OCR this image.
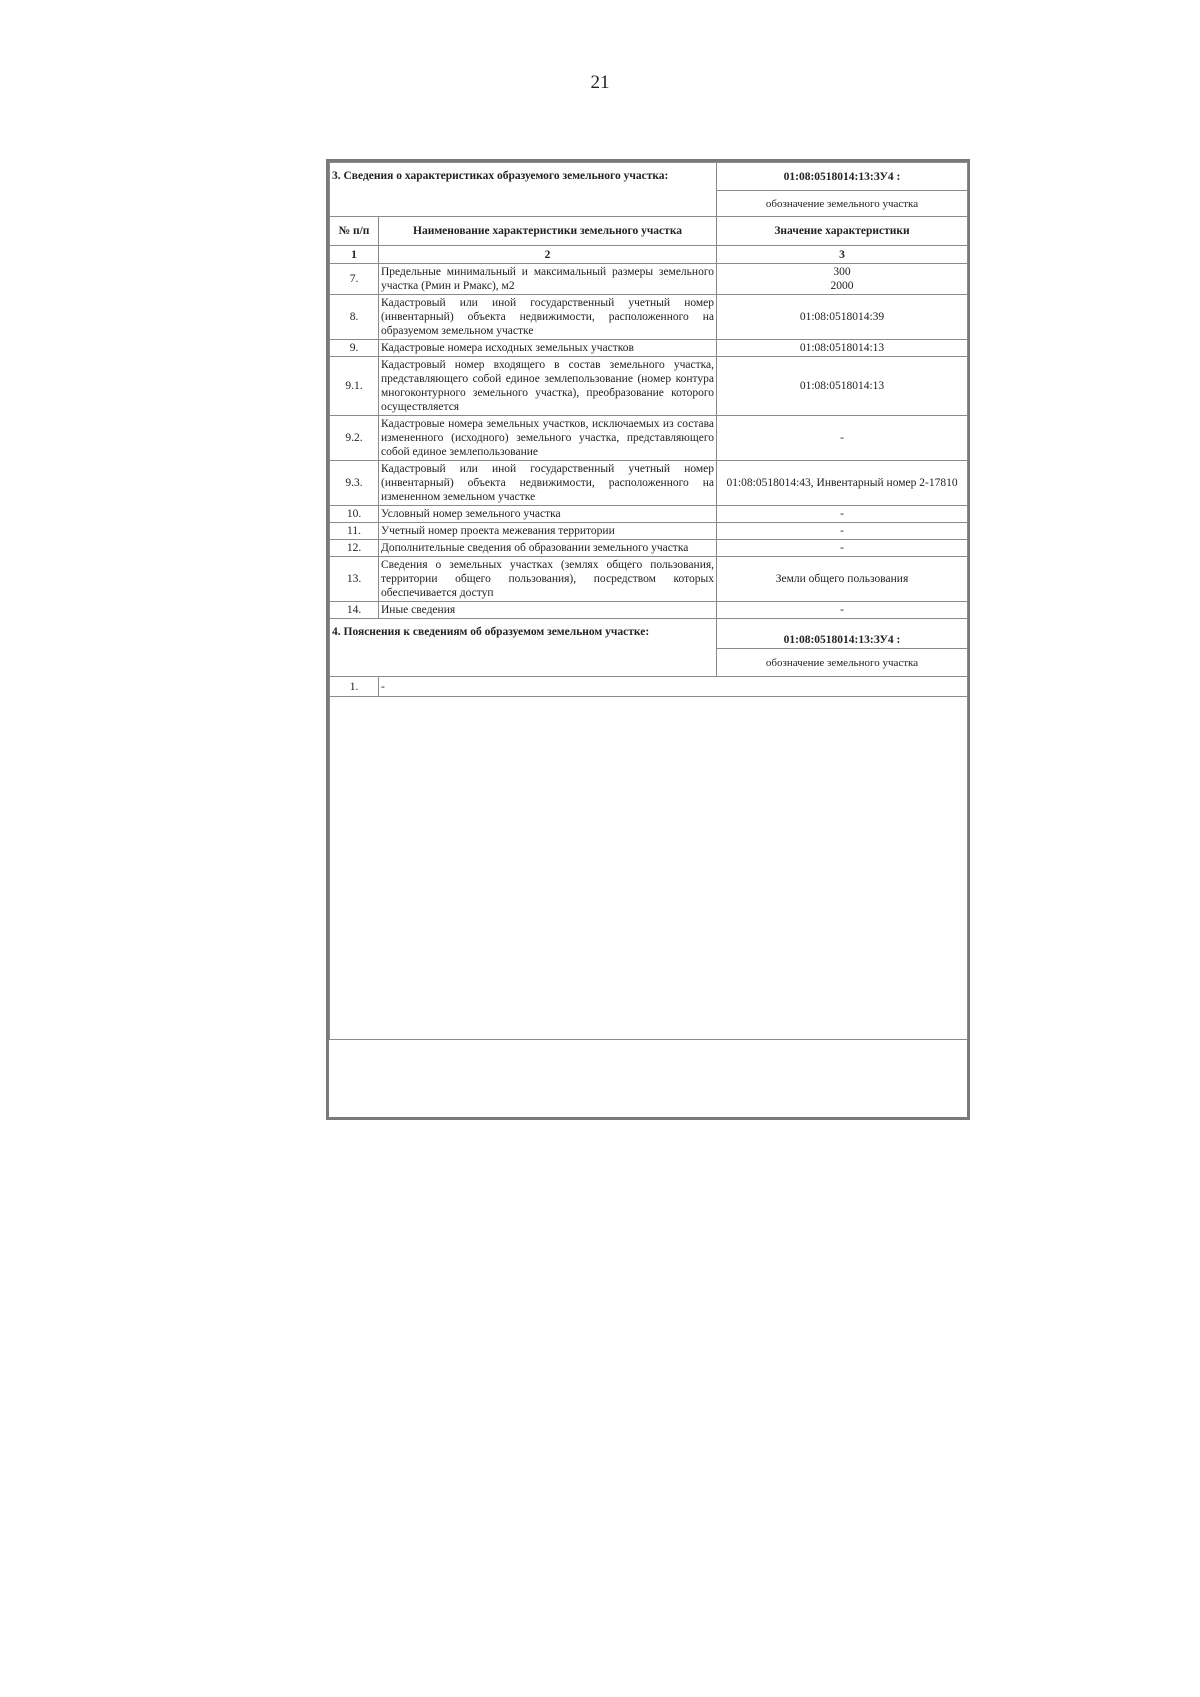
21
3. Сведения о характеристиках образуемого земельного участка:		01:08:0518014:13:ЗУ4 :
		обозначение земельного участка
№ п/п	Наименование характеристики земельного участка	Значение характеристики
1	2	3
7.	Предельные минимальный и максимальный размеры земельного участка (Pмин и Pмакс), м2	300
2000

8.	Кадастровый или иной государственный учетный номер (инвентарный) объекта недвижимости, расположенного на образуемом земельном участке	01:08:0518014:39
9.	Кадастровые номера исходных земельных участков	01:08:0518014:13
9.1.	Кадастровый номер входящего в состав земельного участка, представляющего собой единое землепользование (номер контура многоконтурного земельного участка), преобразование которого осуществляется	01:08:0518014:13
9.2.	Кадастровые номера земельных участков, исключаемых из состава измененного (исходного) земельного участка, представляющего собой единое землепользование	-
9.3.	Кадастровый или иной государственный учетный номер (инвентарный) объекта недвижимости, расположенного на измененном земельном участке	01:08:0518014:43, Инвентарный номер 2-17810
10.	Условный номер земельного участка	-
11.	Учетный номер проекта межевания территории	-
12.	Дополнительные сведения об образовании земельного участка	-
13.	Сведения о земельных участках (землях общего пользования, территории общего пользования), посредством которых обеспечивается доступ	Земли общего пользования
14.	Иные сведения	-
4. Пояснения к сведениям об образуемом земельном участке:		01:08:0518014:13:ЗУ4 :
		обозначение земельного участка
1.	-	
